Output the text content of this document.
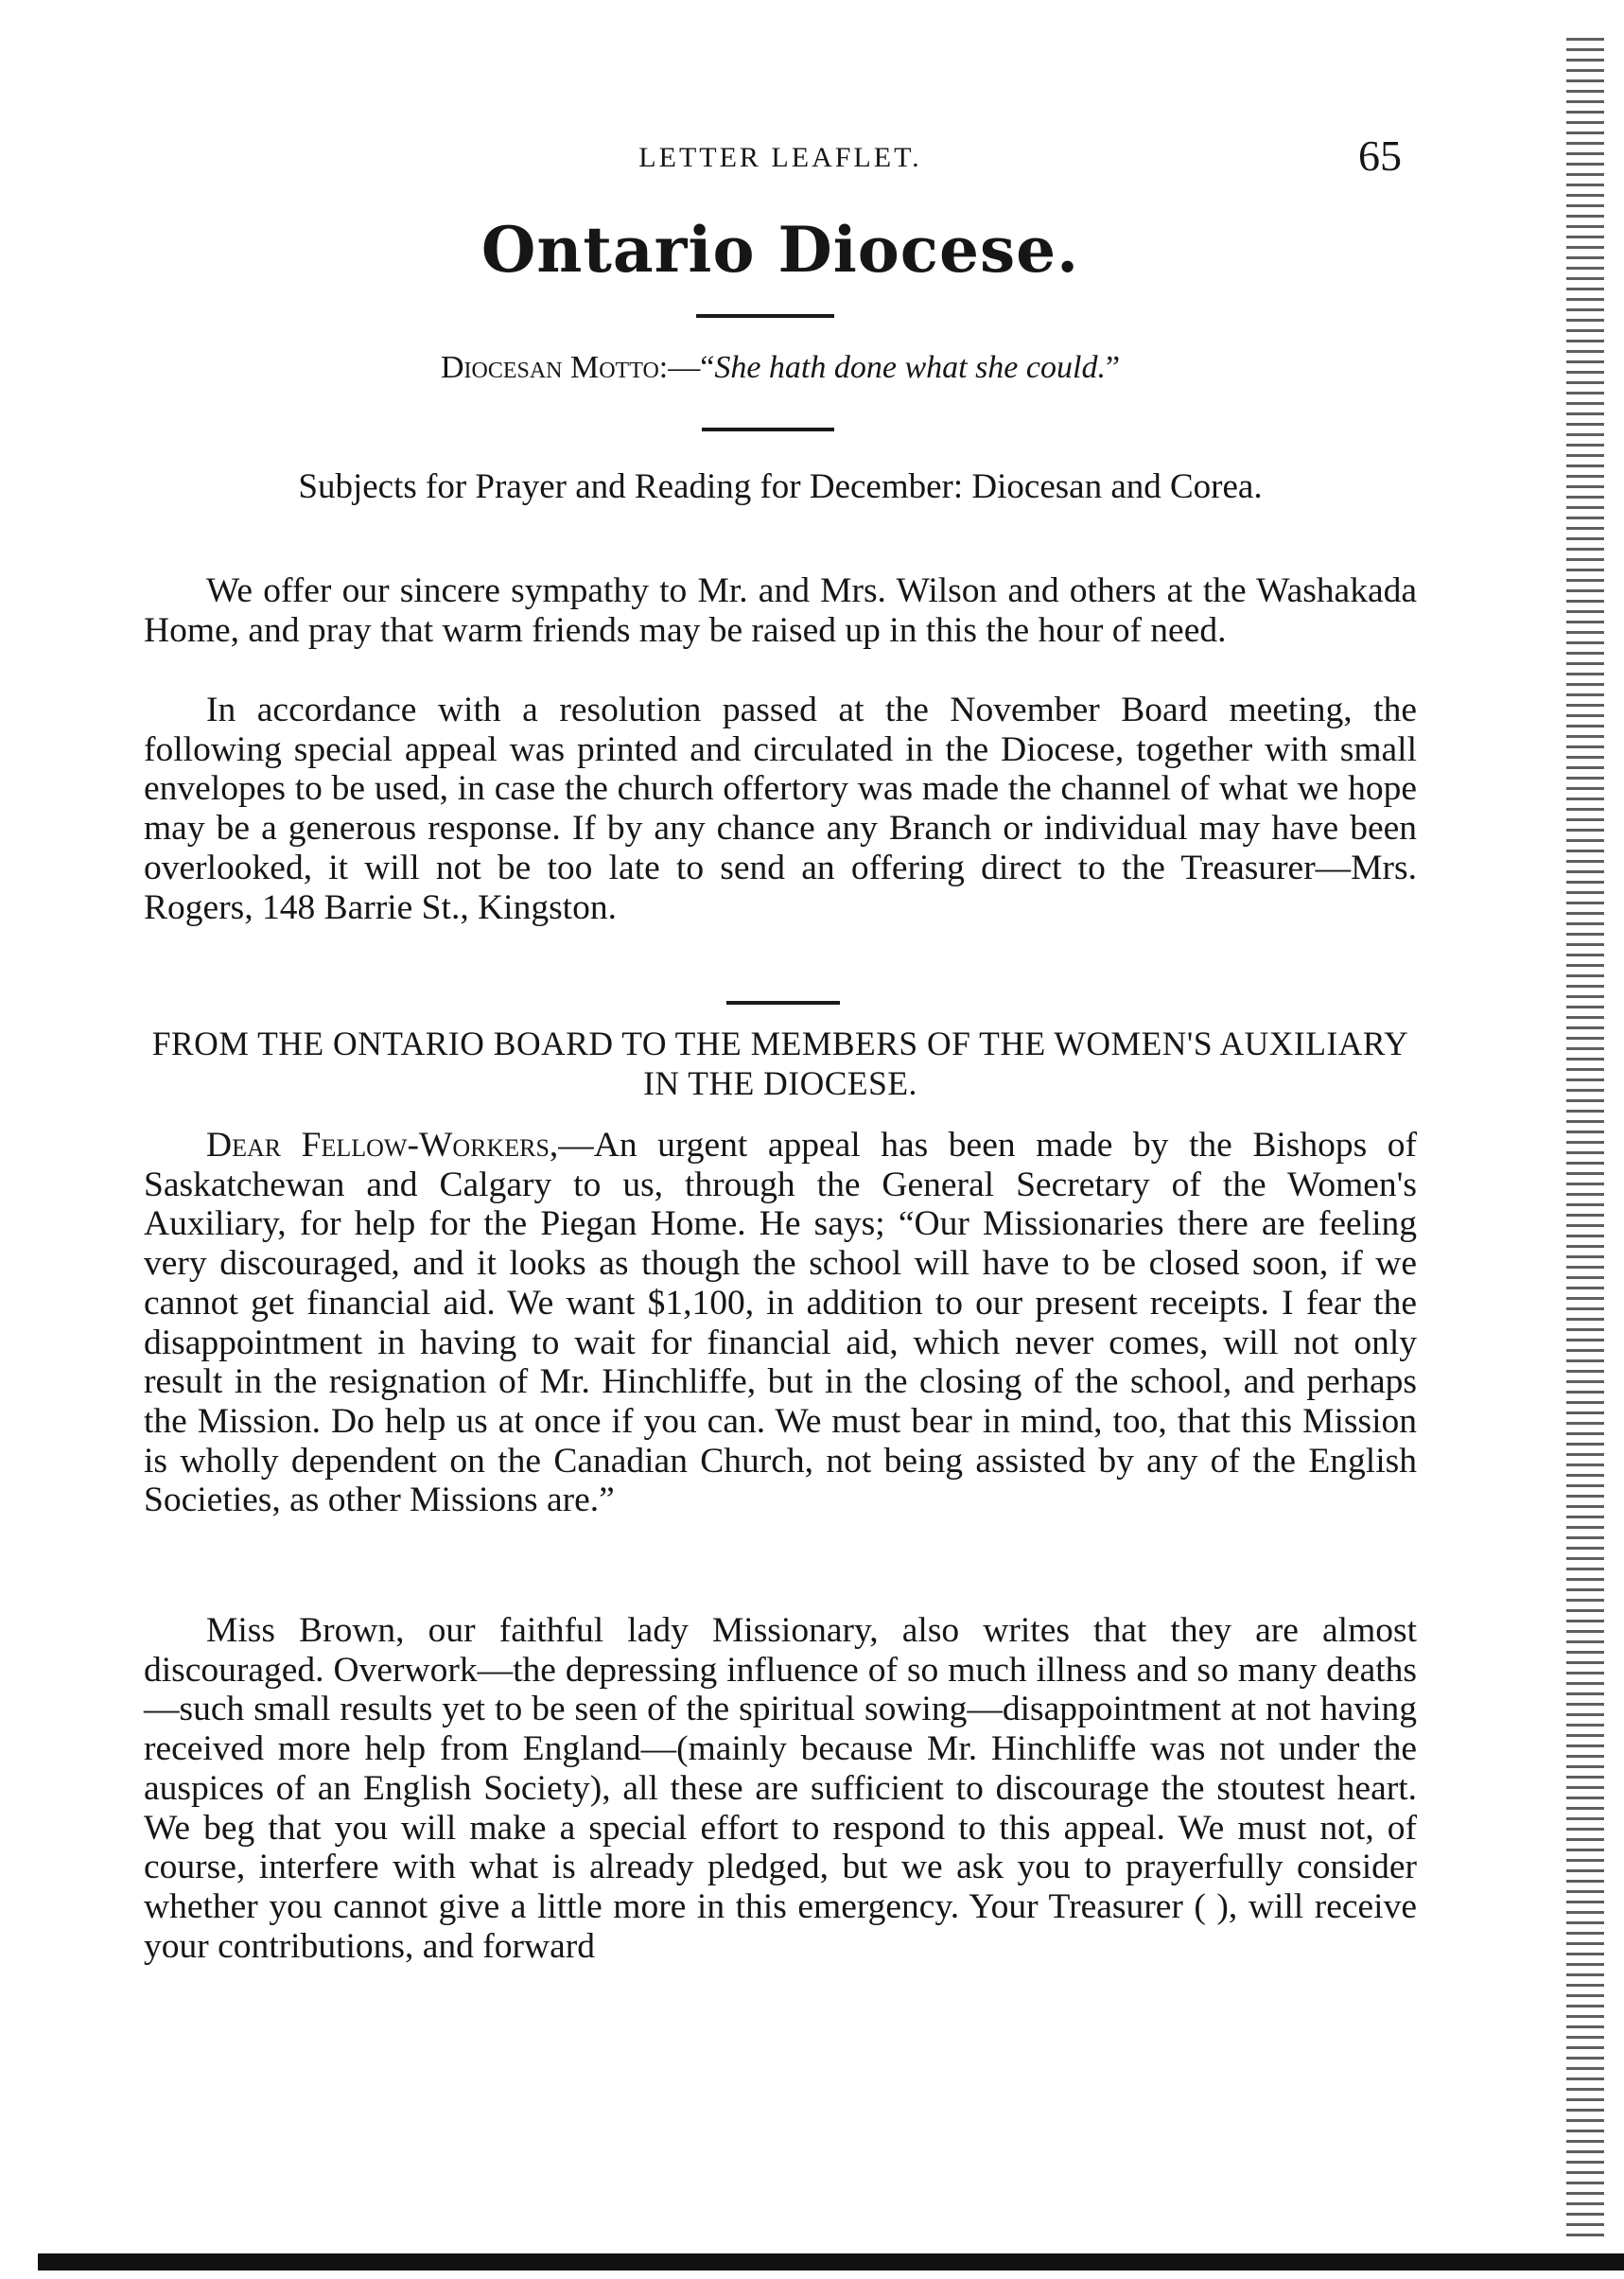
LETTER LEAFLET.	65
Ontario Diocese.
Diocesan Motto:—“She hath done what she could.”
Subjects for Prayer and Reading for December: Diocesan and Corea.

We offer our sincere sympathy to Mr. and Mrs. Wilson and others at the Washakada Home, and pray that warm friends may be raised up in this the hour of need.

In accordance with a resolution passed at the November Board meeting, the following special appeal was printed and circulated in the Diocese, together with small envelopes to be used, in case the church offertory was made the channel of what we hope may be a generous response. If by any chance any Branch or individual may have been overlooked, it will not be too late to send an offering direct to the Treasurer—Mrs. Rogers, 148 Barrie St., Kingston.

FROM THE ONTARIO BOARD TO THE MEMBERS OF THE WOMEN'S AUXILIARY IN THE DIOCESE.

Dear Fellow-Workers,—An urgent appeal has been made by the Bishops of Saskatchewan and Calgary to us, through the General Secretary of the Women's Auxiliary, for help for the Piegan Home. He says; “Our Missionaries there are feeling very discouraged, and it looks as though the school will have to be closed soon, if we cannot get financial aid. We want $1,100, in addition to our present receipts. I fear the disappointment in having to wait for financial aid, which never comes, will not only result in the resignation of Mr. Hinchliffe, but in the closing of the school, and perhaps the Mission. Do help us at once if you can. We must bear in mind, too, that this Mission is wholly dependent on the Canadian Church, not being assisted by any of the English Societies, as other Missions are.”

Miss Brown, our faithful lady Missionary, also writes that they are almost discouraged. Overwork—the depressing influence of so much illness and so many deaths—such small results yet to be seen of the spiritual sowing—disappointment at not having received more help from England—(mainly because Mr. Hinchliffe was not under the auspices of an English Society), all these are sufficient to discourage the stoutest heart. We beg that you will make a special effort to respond to this appeal. We must not, of course, interfere with what is already pledged, but we ask you to prayerfully consider whether you cannot give a little more in this emergency. Your Treasurer ( ), will receive your contributions, and forward
